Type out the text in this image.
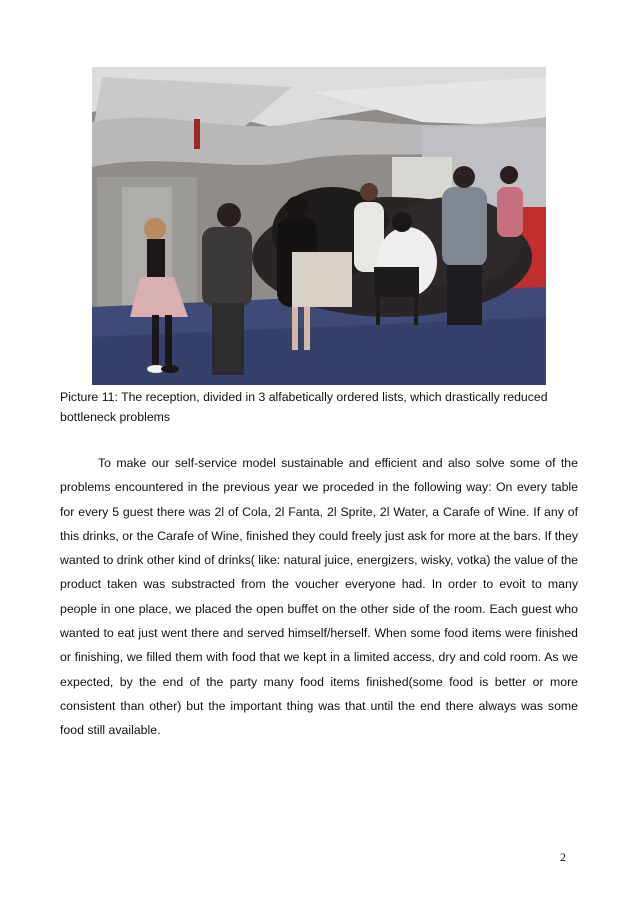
Picture 11: The reception, divided in 3 alfabetically ordered lists, which drastically reduced bottleneck problems

To make our self-service model sustainable and efficient and also solve some of the problems encountered in the previous year we proceded in the following way: On every table for every 5 guest there was 2l of Cola, 2l Fanta, 2l Sprite, 2l Water, a Carafe of Wine. If any of this drinks, or the Carafe of Wine, finished they could freely just ask for more at the bars. If they wanted to drink other kind of drinks( like: natural juice, energizers, wisky, votka) the value of the product taken was substracted from the voucher everyone had. In order to evoit to many people in one place, we placed the open buffet on the other side of the room. Each guest who wanted to eat just went there and served himself/herself. When some food items were finished or finishing, we filled them with food that we kept in a limited access, dry and cold room. As we expected, by the end of the party many food items finished(some food is better or more consistent than other) but the important thing was that until the end there always was some food still available.

2
